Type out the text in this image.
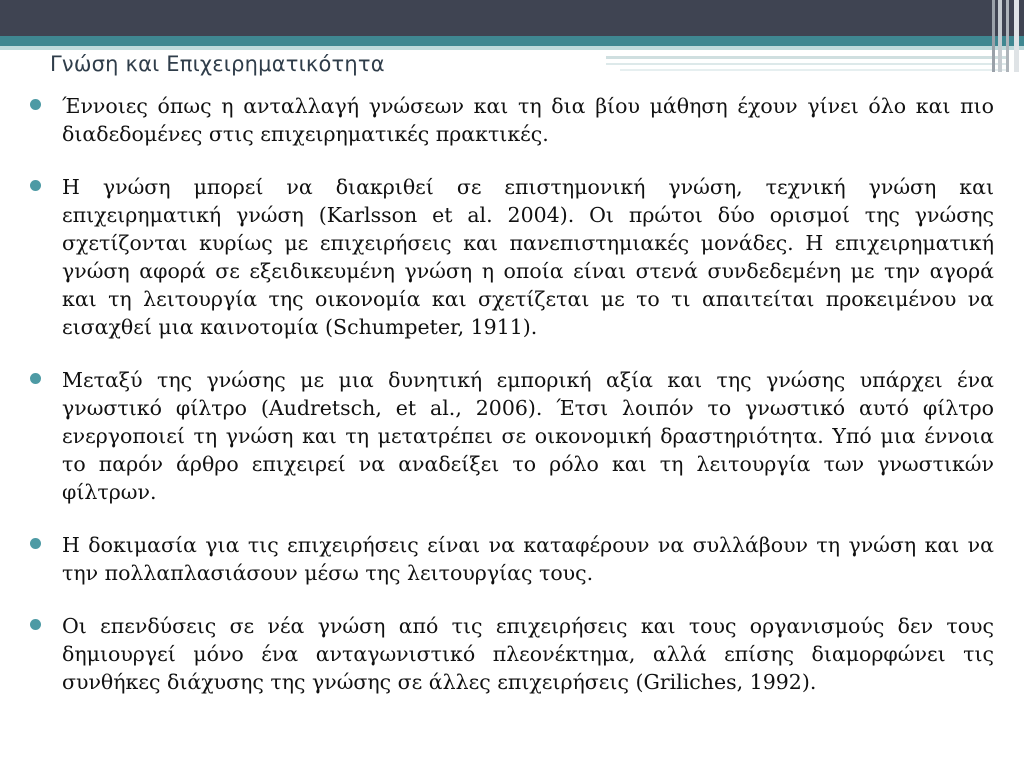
Γνώση και Επιχειρηματικότητα
Έννοιες όπως η ανταλλαγή γνώσεων και τη δια βίου μάθηση έχουν γίνει όλο και πιο διαδεδομένες στις επιχειρηματικές πρακτικές.
Η γνώση μπορεί να διακριθεί σε επιστημονική γνώση, τεχνική γνώση και επιχειρηματική γνώση (Karlsson et al. 2004). Οι πρώτοι δύο ορισμοί της γνώσης σχετίζονται κυρίως με επιχειρήσεις και πανεπιστημιακές μονάδες. Η επιχειρηματική γνώση αφορά σε εξειδικευμένη γνώση η οποία είναι στενά συνδεδεμένη με την αγορά και τη λειτουργία της οικονομία και σχετίζεται με το τι απαιτείται προκειμένου να εισαχθεί μια καινοτομία (Schumpeter, 1911).
Μεταξύ της γνώσης με μια δυνητική εμπορική αξία και της γνώσης υπάρχει ένα γνωστικό φίλτρο (Audretsch, et al., 2006). Έτσι λοιπόν το γνωστικό αυτό φίλτρο ενεργοποιεί τη γνώση και τη μετατρέπει σε οικονομική δραστηριότητα. Υπό μια έννοια το παρόν άρθρο επιχειρεί να αναδείξει το ρόλο και τη λειτουργία των γνωστικών φίλτρων.
Η δοκιμασία για τις επιχειρήσεις είναι να καταφέρουν να συλλάβουν τη γνώση και να την πολλαπλασιάσουν μέσω της λειτουργίας τους.
Οι επενδύσεις σε νέα γνώση από τις επιχειρήσεις και τους οργανισμούς δεν τους δημιουργεί μόνο ένα ανταγωνιστικό πλεονέκτημα, αλλά επίσης διαμορφώνει τις συνθήκες διάχυσης της γνώσης σε άλλες επιχειρήσεις (Griliches, 1992).
